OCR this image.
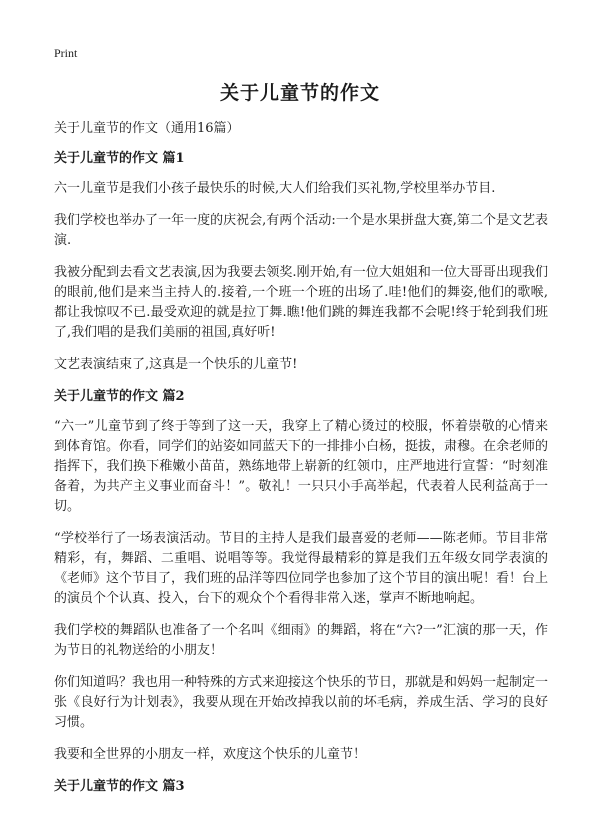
Print
关于儿童节的作文

关于儿童节的作文（通用16篇）

关于儿童节的作文 篇1

六一儿童节是我们小孩子最快乐的时候,大人们给我们买礼物,学校里举办节目.

我们学校也举办了一年一度的庆祝会,有两个活动:一个是水果拼盘大赛,第二个是文艺表演.

我被分配到去看文艺表演,因为我要去领奖.刚开始,有一位大姐姐和一位大哥哥出现我们的眼前,他们是来当主持人的.接着,一个班一个班的出场了.哇!他们的舞姿,他们的歌喉,都让我惊叹不已.最受欢迎的就是拉丁舞.瞧!他们跳的舞连我都不会呢!终于轮到我们班了,我们唱的是我们美丽的祖国,真好听!

文艺表演结束了,这真是一个快乐的儿童节!

关于儿童节的作文 篇2

“六一”儿童节到了终于等到了这一天，我穿上了精心烫过的校服，怀着崇敬的心情来到体育馆。你看，同学们的站姿如同蓝天下的一排排小白杨，挺拔，肃穆。在余老师的指挥下，我们换下稚嫩小苗苗，熟练地带上崭新的红领巾，庄严地进行宣誓：“时刻准备着，为共产主义事业而奋斗！”。敬礼！一只只小手高举起，代表着人民利益高于一切。

“学校举行了一场表演活动。节目的主持人是我们最喜爱的老师——陈老师。节目非常精彩，有，舞蹈、二重唱、说唱等等。我觉得最精彩的算是我们五年级女同学表演的《老师》这个节目了，我们班的品洋等四位同学也参加了这个节目的演出呢！看！台上的演员个个认真、投入，台下的观众个个看得非常入迷，掌声不断地响起。

我们学校的舞蹈队也准备了一个名叫《细雨》的舞蹈，将在“六?一”汇演的那一天，作为节日的礼物送给的小朋友！

你们知道吗？我也用一种特殊的方式来迎接这个快乐的节日，那就是和妈妈一起制定一张《良好行为计划表》，我要从现在开始改掉我以前的坏毛病，养成生活、学习的良好习惯。

我要和全世界的小朋友一样，欢度这个快乐的儿童节！

关于儿童节的作文 篇3
